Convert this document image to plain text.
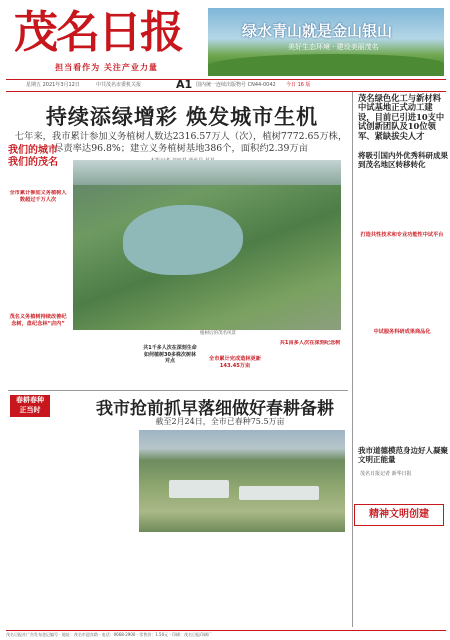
茂名日报
担当看作为 关注产业力量
绿水青山就是金山银山
美好生态环境 · 建设美丽茂名
星期五 2021年3月12日	中共茂名市委机关报	A1 国内统一连续出版物号 CN44-0042 今日 16 版
持续添绿增彩 焕发城市生机
七年来，我市累计参加义务植树人数达2316.57万人（次），植树7772.65万株，尽责率达96.8%；建立义务植树基地386个，面积约2.39万亩
我们的城市
我们的茂名
全市累计参加义务植树人数超过千万人次
茂名义务植树持续改善纪念树，盘纪念林“店内”
植树后的茂名风景
共1千多人次在深刻生命如何植树30多株次树林对点	全市累计完成造林更新143.45万亩
共1亩多人次在深刻纪念树
茂名绿色化工与新材料中试基地正式动工建设，目前已引进10支中试创新团队及10位领军、紧缺拔尖人才
将吸引国内外优秀科研成果到茂名地区转移转化
打造共性技术和专业功能性中试平台
中试服务科研成果商品化
我市道德模范身边好人凝聚文明正能量
茂名日报记者 新华日报
精神文明创建
我市抢前抓早落细做好春耕备耕
截至2月24日，全市已春种75.5万亩
春耕春种
正当时
茂名日报社广告发布登记编号 · 地址：茂名市迎宾路 · 电话：0668-2900 · 零售价：1.50元 · 印刷：茂名日报印刷厂
